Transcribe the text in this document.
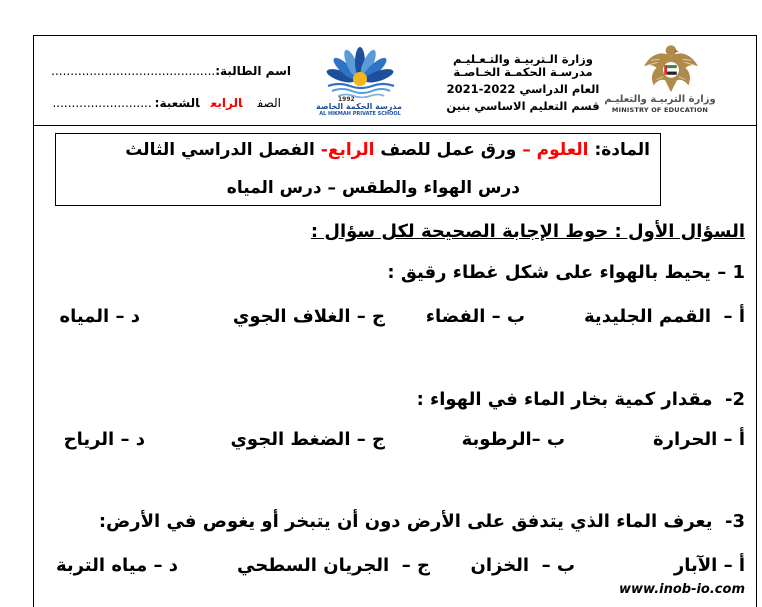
وزارة التربيـة والتعليـم
MINISTRY OF EDUCATION
وزارة الـتربيـة والتـعـليـم
مدرسـة الحكمـة الخـاصـة
العام الدراسي 2022-2021
قسم التعليم الاساسي بنين
1992
مدرسة الحكمة الخاصة
AL HIKMAH PRIVATE SCHOOL
اسم الطالبة:...........................................
الصفالرابعالشعبة:..........................
المادة: العلوم – ورق عمل للصف الرابع- الفصل الدراسي الثالث
درس الهواء والطقس – درس المياه
السؤال الأول : حوط الإجابة الصحيحة لكل سؤال :
1 – يحيط بالهواء على شكل غطاء رقيق :
أ –  القمم الجليدية
ب – الفضاء
ج – الغلاف الجوي
د – المياه
2-  مقدار كمية بخار الماء في الهواء :
أ – الحرارة
ب –الرطوبة
ج – الضغط الجوي
د – الرياح
3-  يعرف الماء الذي يتدفق على الأرض دون أن يتبخر أو يغوص في الأرض:
أ – الآبار
ب –  الخزان
ج –  الجريان السطحي
د – مياه التربة
www.inob-io.com
